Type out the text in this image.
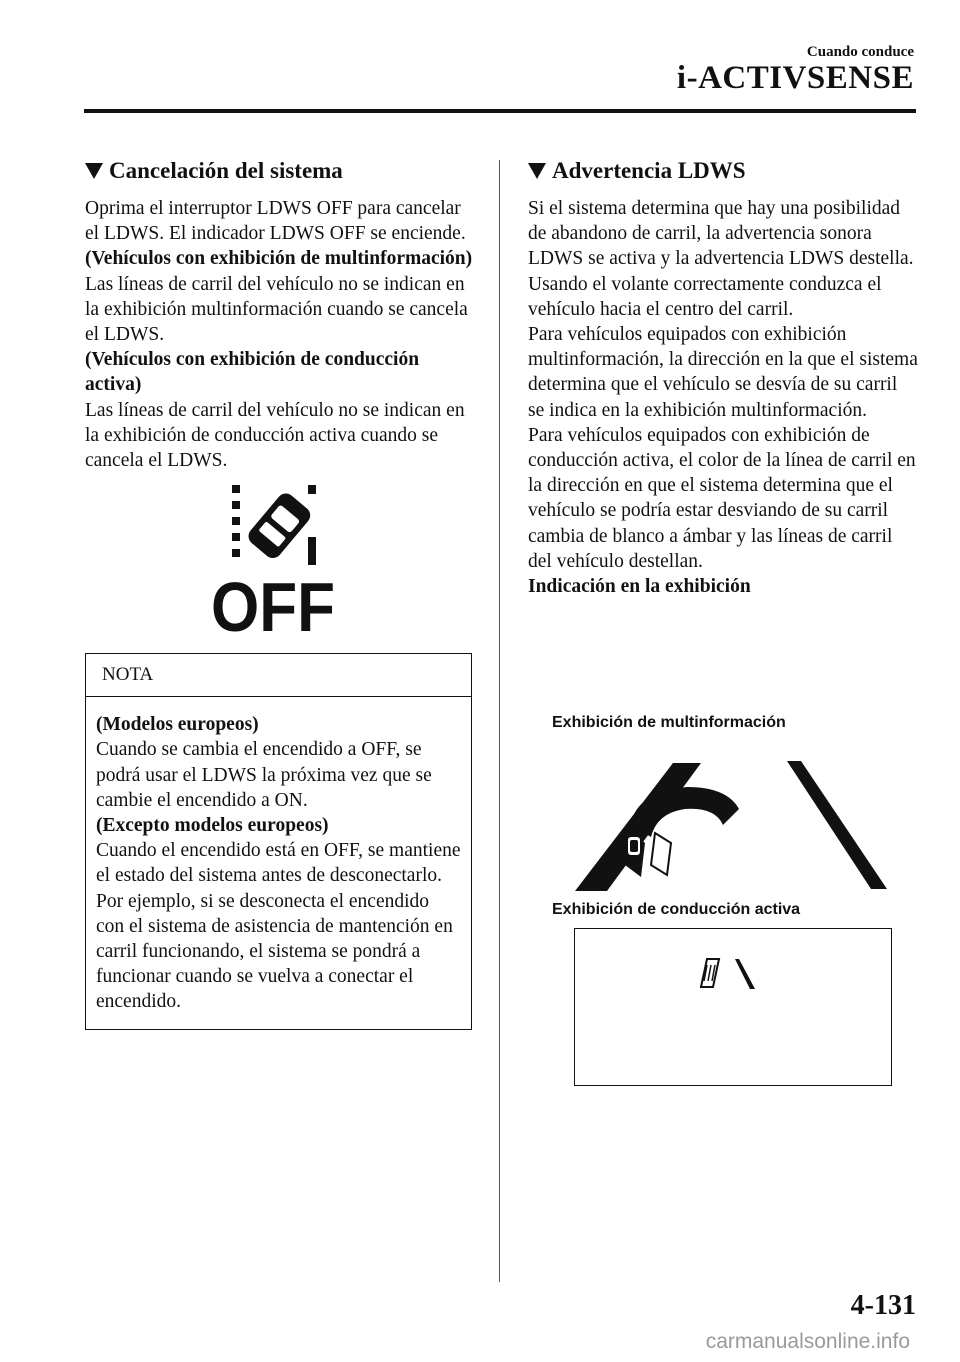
Cuando conduce
i-ACTIVSENSE
Cancelación del sistema

Oprima el interruptor LDWS OFF para cancelar el LDWS. El indicador LDWS OFF se enciende.

(Vehículos con exhibición de multinformación)

Las líneas de carril del vehículo no se indican en la exhibición multinformación cuando se cancela el LDWS.

(Vehículos con exhibición de conducción activa)

Las líneas de carril del vehículo no se indican en la exhibición de conducción activa cuando se cancela el LDWS.

OFF
NOTA

(Modelos europeos)

Cuando se cambia el encendido a OFF, se podrá usar el LDWS la próxima vez que se cambie el encendido a ON.

(Excepto modelos europeos)

Cuando el encendido está en OFF, se mantiene el estado del sistema antes de desconectarlo. Por ejemplo, si se desconecta el encendido con el sistema de asistencia de mantención en carril funcionando, el sistema se pondrá a funcionar cuando se vuelva a conectar el encendido.

Advertencia LDWS

Si el sistema determina que hay una posibilidad de abandono de carril, la advertencia sonora LDWS se activa y la advertencia LDWS destella. Usando el volante correctamente conduzca el vehículo hacia el centro del carril.

Para vehículos equipados con exhibición multinformación, la dirección en la que el sistema determina que el vehículo se desvía de su carril se indica en la exhibición multinformación.

Para vehículos equipados con exhibición de conducción activa, el color de la línea de carril en la dirección en que el sistema determina que el vehículo se podría estar desviando de su carril cambia de blanco a ámbar y las líneas de carril del vehículo destellan.

Indicación en la exhibición

Exhibición de multinformación
Exhibición de conducción activa
4-131
carmanualsonline.info
